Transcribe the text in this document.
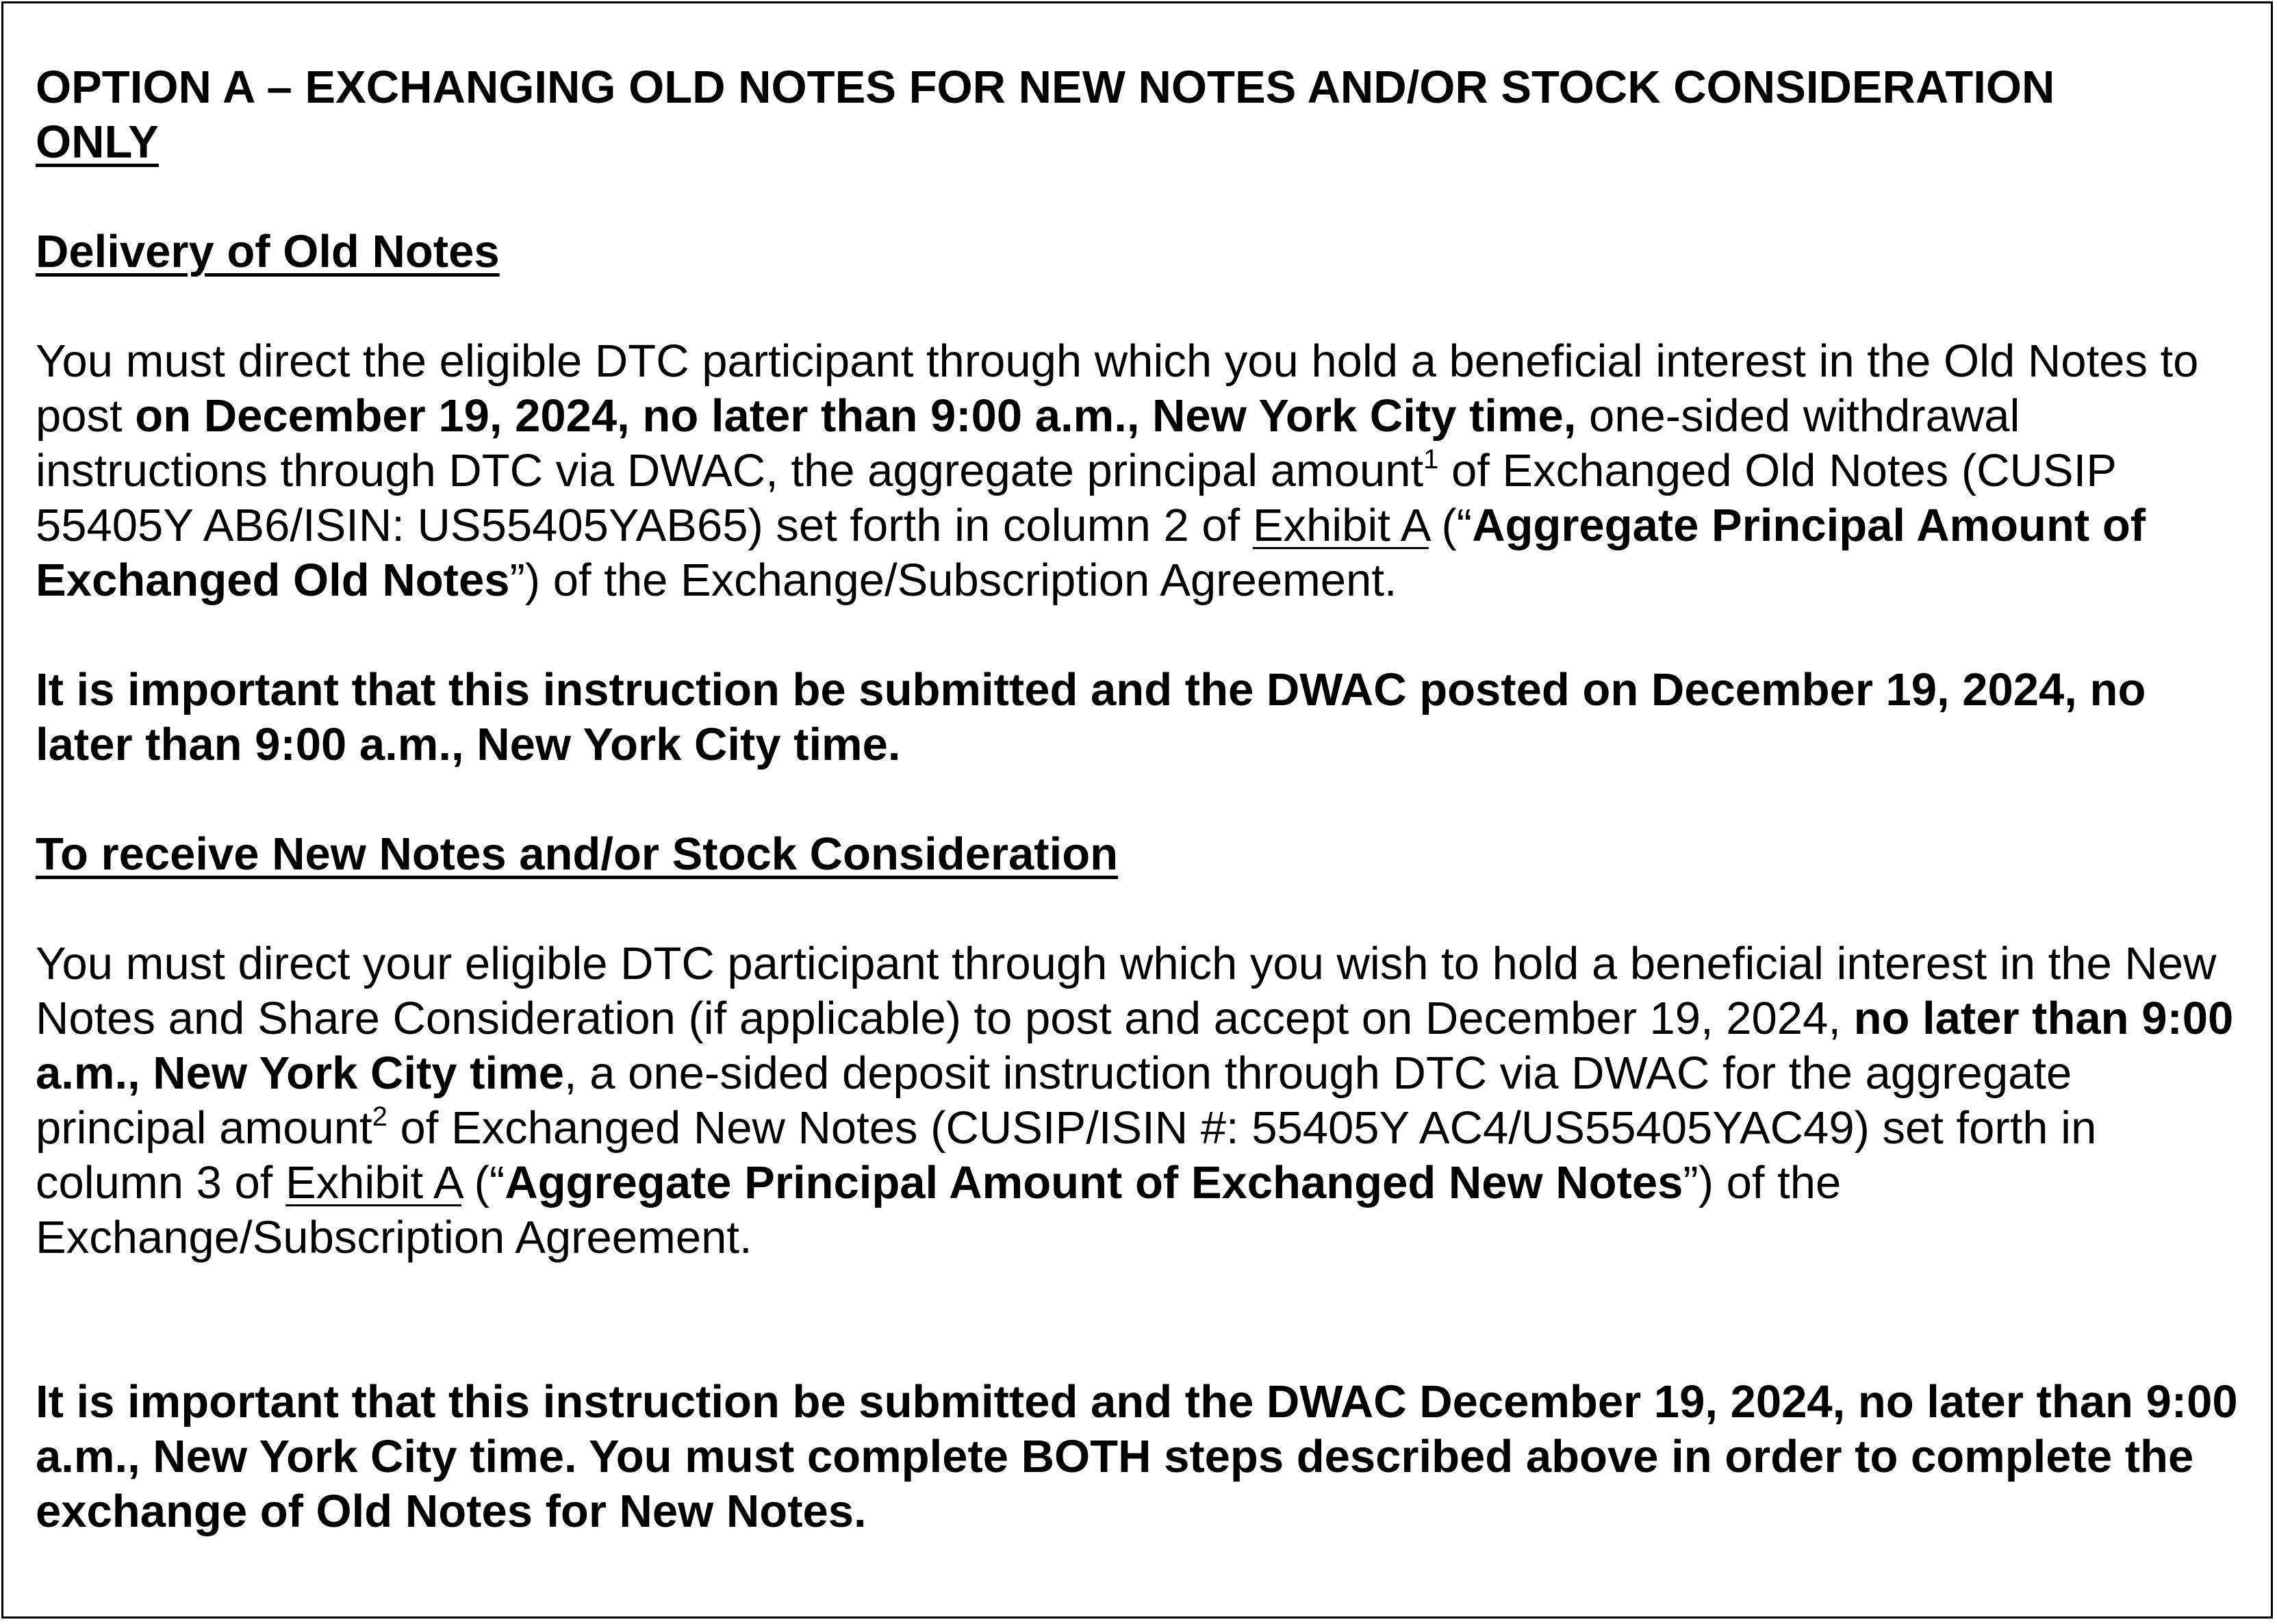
OPTION A – EXCHANGING OLD NOTES FOR NEW NOTES AND/OR STOCK CONSIDERATION
ONLY

Delivery of Old Notes

You must direct the eligible DTC participant through which you hold a beneficial interest in the Old Notes to post on December 19, 2024, no later than 9:00 a.m., New York City time, one-sided withdrawal instructions through DTC via DWAC, the aggregate principal amount$^1$ of Exchanged Old Notes (CUSIP 55405Y AB6/ISIN: US55405YAB65) set forth in column 2 of Exhibit A (“Aggregate Principal Amount of Exchanged Old Notes”) of the Exchange/Subscription Agreement.

It is important that this instruction be submitted and the DWAC posted on December 19, 2024, no later than 9:00 a.m., New York City time.

To receive New Notes and/or Stock Consideration

You must direct your eligible DTC participant through which you wish to hold a beneficial interest in the New Notes and Share Consideration (if applicable) to post and accept on December 19, 2024, no later than 9:00 a.m., New York City time, a one-sided deposit instruction through DTC via DWAC for the aggregate principal amount$^2$ of Exchanged New Notes (CUSIP/ISIN #: 55405Y AC4/US55405YAC49) set forth in column 3 of Exhibit A (“Aggregate Principal Amount of Exchanged New Notes”) of the Exchange/Subscription Agreement.

It is important that this instruction be submitted and the DWAC December 19, 2024, no later than 9:00 a.m., New York City time. You must complete BOTH steps described above in order to complete the exchange of Old Notes for New Notes.
